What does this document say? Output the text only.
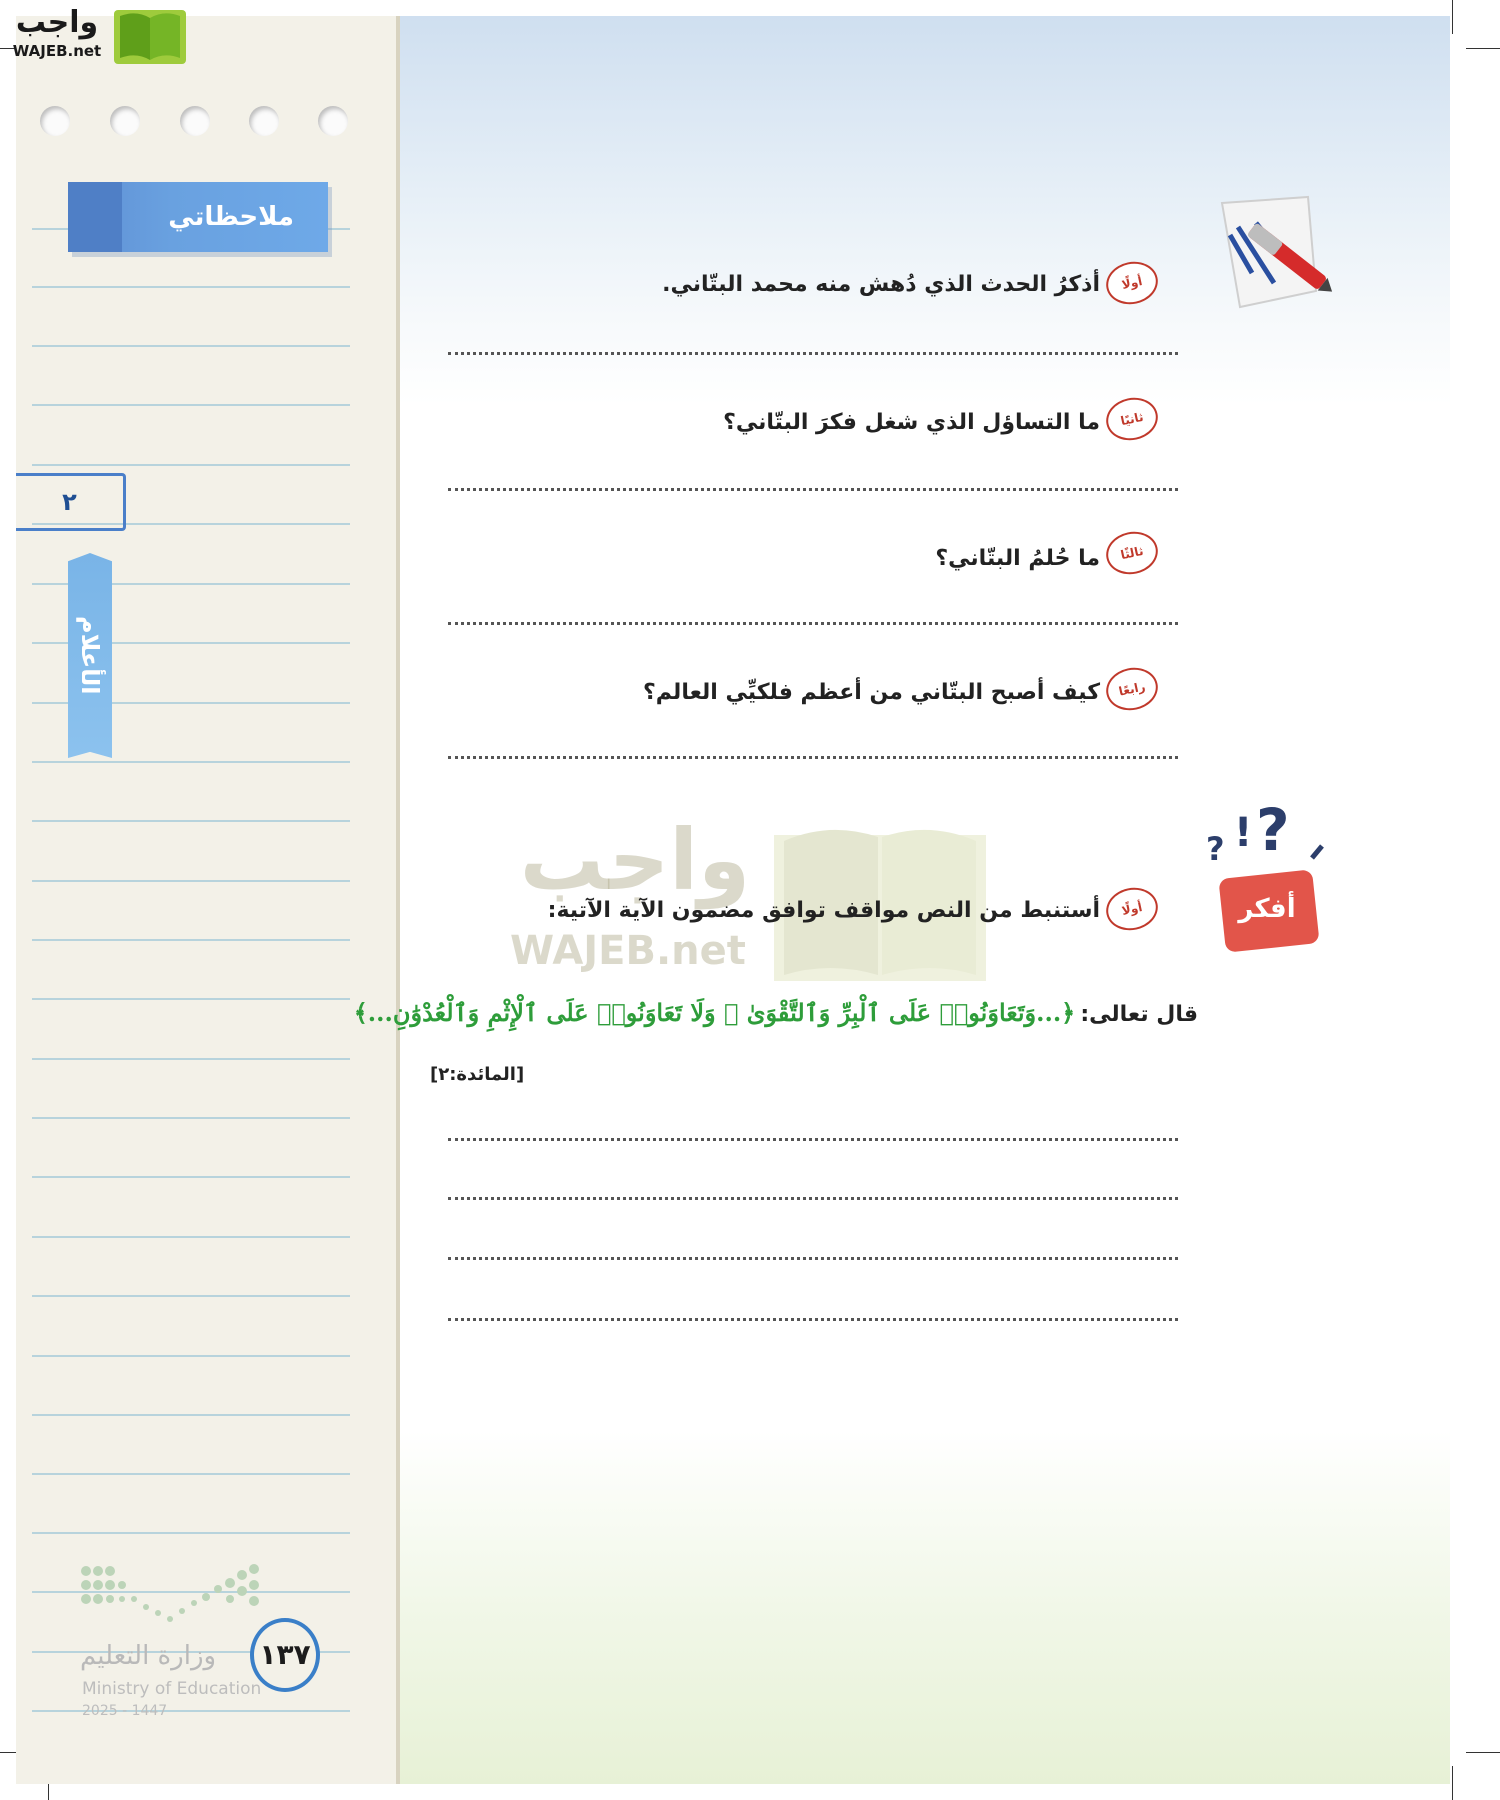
ملاحظاتي
٢
الأعلام
وزارة التعليم
Ministry of Education
2025 - 1447
١٣٧
واجب
WAJEB.net
أولًا
أذكرُ الحدث الذي دُهش منه محمد البتّاني.
ثانيًا
ما التساؤل الذي شغل فكرَ البتّاني؟
ثالثًا
ما حُلمُ البتّاني؟
رابعًا
كيف أصبح البتّاني من أعظم فلكيِّي العالم؟
واجب
WAJEB.net
? ! ?
أفكر
أولًا
أستنبط من النص مواقف توافق مضمون الآية الآتية:
قال تعالى: ﴿...وَتَعَاوَنُوا۟ عَلَى ٱلْبِرِّ وَٱلتَّقْوَىٰ ۖ وَلَا تَعَاوَنُوا۟ عَلَى ٱلْإِثْمِ وَٱلْعُدْوَٰنِ...﴾
[المائدة:٢]
